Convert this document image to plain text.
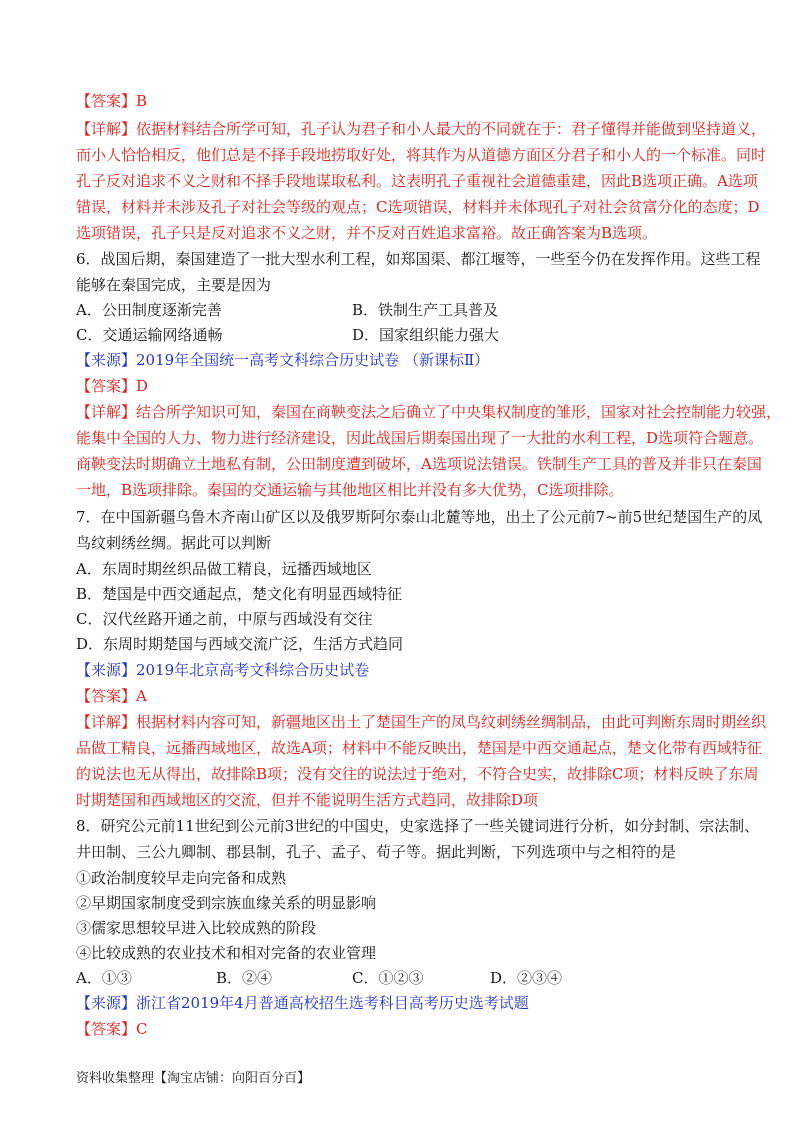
【答案】B
【详解】依据材料结合所学可知，孔子认为君子和小人最大的不同就在于：君子懂得并能做到坚持道义，
而小人恰恰相反，他们总是不择手段地捞取好处，将其作为从道德方面区分君子和小人的一个标准。同时
孔子反对追求不义之财和不择手段地谋取私利。这表明孔子重视社会道德重建，因此B选项正确。A选项
错误，材料并未涉及孔子对社会等级的观点；C选项错误，材料并未体现孔子对社会贫富分化的态度；D
选项错误，孔子只是反对追求不义之财，并不反对百姓追求富裕。故正确答案为B选项。
6．战国后期，秦国建造了一批大型水利工程，如郑国渠、都江堰等，一些至今仍在发挥作用。这些工程
能够在秦国完成，主要是因为
A．公田制度逐渐完善	B．铁制生产工具普及
C．交通运输网络通畅	D．国家组织能力强大
【来源】2019年全国统一高考文科综合历史试卷 （新课标Ⅱ）
【答案】D
【详解】结合所学知识可知，秦国在商鞅变法之后确立了中央集权制度的雏形，国家对社会控制能力较强，
能集中全国的人力、物力进行经济建设，因此战国后期秦国出现了一大批的水利工程，D选项符合题意。
商鞅变法时期确立土地私有制，公田制度遭到破坏，A选项说法错误。铁制生产工具的普及并非只在秦国
一地，B选项排除。秦国的交通运输与其他地区相比并没有多大优势，C选项排除。
7．在中国新疆乌鲁木齐南山矿区以及俄罗斯阿尔泰山北麓等地，出土了公元前7~前5世纪楚国生产的凤
鸟纹刺绣丝绸。据此可以判断
A．东周时期丝织品做工精良，远播西域地区
B．楚国是中西交通起点，楚文化有明显西域特征
C．汉代丝路开通之前，中原与西域没有交往
D．东周时期楚国与西域交流广泛，生活方式趋同
【来源】2019年北京高考文科综合历史试卷
【答案】A
【详解】根据材料内容可知，新疆地区出土了楚国生产的凤鸟纹刺绣丝绸制品，由此可判断东周时期丝织
品做工精良，远播西域地区，故选A项；材料中不能反映出，楚国是中西交通起点，楚文化带有西域特征
的说法也无从得出，故排除B项；没有交往的说法过于绝对，不符合史实，故排除C项；材料反映了东周
时期楚国和西域地区的交流，但并不能说明生活方式趋同，故排除D项
8．研究公元前11世纪到公元前3世纪的中国史，史家选择了一些关键词进行分析，如分封制、宗法制、
井田制、三公九卿制、郡县制，孔子、孟子、荀子等。据此判断，下列选项中与之相符的是
①政治制度较早走向完备和成熟
②早期国家制度受到宗族血缘关系的明显影响
③儒家思想较早进入比较成熟的阶段
④比较成熟的农业技术和相对完备的农业管理
A．①③	B．②④	C．①②③	D．②③④
【来源】浙江省2019年4月普通高校招生选考科目高考历史选考试题
【答案】C
资料收集整理【淘宝店铺：向阳百分百】
